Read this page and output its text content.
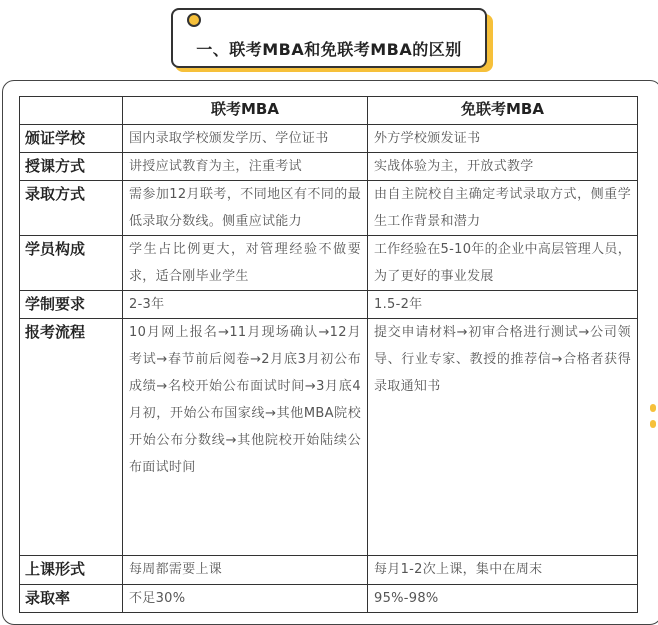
一、联考MBA和免联考MBA的区别
	联考MBA	免联考MBA
颁证学校	国内录取学校颁发学历、学位证书	外方学校颁发证书
授课方式	讲授应试教育为主，注重考试	实战体验为主，开放式教学
录取方式	需参加12月联考，不同地区有不同的最低录取分数线。侧重应试能力	由自主院校自主确定考试录取方式，侧重学生工作背景和潜力
学员构成	学生占比例更大，对管理经验不做要求，适合刚毕业学生	工作经验在5-10年的企业中高层管理人员，为了更好的事业发展
学制要求	2-3年	1.5-2年
报考流程	10月网上报名→11月现场确认→12月考试→春节前后阅卷→2月底3月初公布成绩→名校开始公布面试时间→3月底4月初，开始公布国家线→其他MBA院校开始公布分数线→其他院校开始陆续公布面试时间	提交申请材料→初审合格进行测试→公司领导、行业专家、教授的推荐信→合格者获得录取通知书
上课形式	每周都需要上课	每月1-2次上课，集中在周末
录取率	不足30%	95%-98%
